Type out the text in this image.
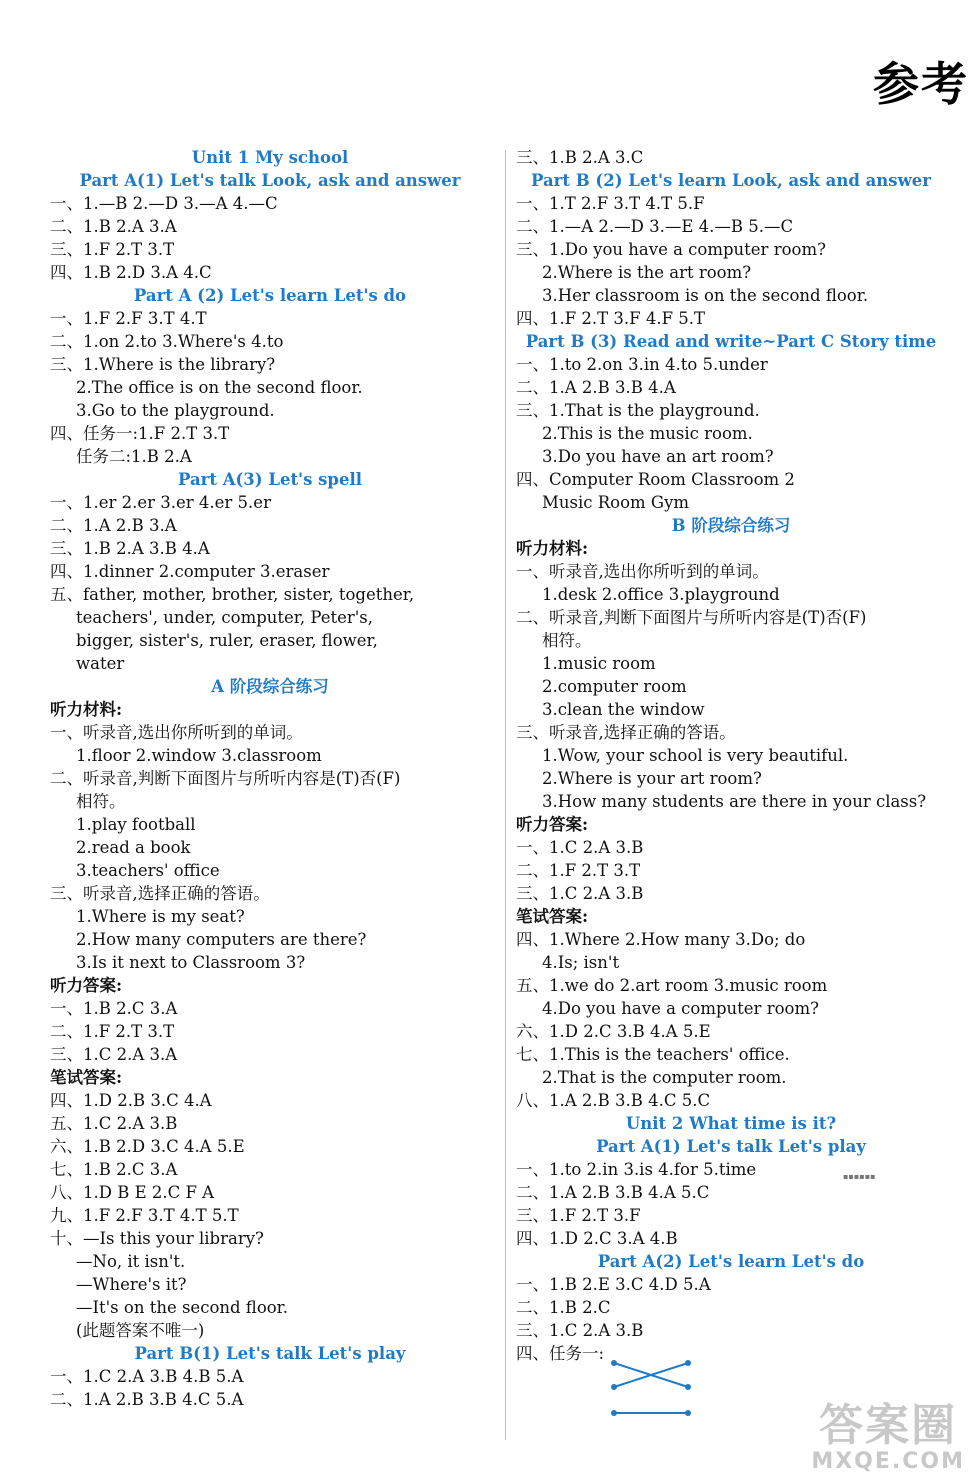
参考
Unit 1 My school
Part A(1) Let's talk Look, ask and answer
一、1.—B 2.—D 3.—A 4.—C
二、1.B 2.A 3.A
三、1.F 2.T 3.T
四、1.B 2.D 3.A 4.C
Part A (2) Let's learn Let's do
一、1.F 2.F 3.T 4.T
二、1.on 2.to 3.Where's 4.to
三、1.Where is the library?
2.The office is on the second floor.
3.Go to the playground.
四、任务一:1.F 2.T 3.T
任务二:1.B 2.A
Part A(3) Let's spell
一、1.er 2.er 3.er 4.er 5.er
二、1.A 2.B 3.A
三、1.B 2.A 3.B 4.A
四、1.dinner 2.computer 3.eraser
五、father, mother, brother, sister, together,
teachers', under, computer, Peter's,
bigger, sister's, ruler, eraser, flower,
water
A 阶段综合练习
听力材料:
一、听录音,选出你所听到的单词。
1.floor 2.window 3.classroom
二、听录音,判断下面图片与所听内容是(T)否(F)
相符。
1.play football
2.read a book
3.teachers' office
三、听录音,选择正确的答语。
1.Where is my seat?
2.How many computers are there?
3.Is it next to Classroom 3?
听力答案:
一、1.B 2.C 3.A
二、1.F 2.T 3.T
三、1.C 2.A 3.A
笔试答案:
四、1.D 2.B 3.C 4.A
五、1.C 2.A 3.B
六、1.B 2.D 3.C 4.A 5.E
七、1.B 2.C 3.A
八、1.D B E 2.C F A
九、1.F 2.F 3.T 4.T 5.T
十、—Is this your library?
—No, it isn't.
—Where's it?
—It's on the second floor.
(此题答案不唯一)
Part B(1) Let's talk Let's play
一、1.C 2.A 3.B 4.B 5.A
二、1.A 2.B 3.B 4.C 5.A
三、1.B 2.A 3.C
Part B (2) Let's learn Look, ask and answer
一、1.T 2.F 3.T 4.T 5.F
二、1.—A 2.—D 3.—E 4.—B 5.—C
三、1.Do you have a computer room?
2.Where is the art room?
3.Her classroom is on the second floor.
四、1.F 2.T 3.F 4.F 5.T
Part B (3) Read and write~Part C Story time
一、1.to 2.on 3.in 4.to 5.under
二、1.A 2.B 3.B 4.A
三、1.That is the playground.
2.This is the music room.
3.Do you have an art room?
四、Computer Room Classroom 2
Music Room Gym
B 阶段综合练习
听力材料:
一、听录音,选出你所听到的单词。
1.desk 2.office 3.playground
二、听录音,判断下面图片与所听内容是(T)否(F)
相符。
1.music room
2.computer room
3.clean the window
三、听录音,选择正确的答语。
1.Wow, your school is very beautiful.
2.Where is your art room?
3.How many students are there in your class?
听力答案:
一、1.C 2.A 3.B
二、1.F 2.T 3.T
三、1.C 2.A 3.B
笔试答案:
四、1.Where 2.How many 3.Do; do
4.Is; isn't
五、1.we do 2.art room 3.music room
4.Do you have a computer room?
六、1.D 2.C 3.B 4.A 5.E
七、1.This is the teachers' office.
2.That is the computer room.
八、1.A 2.B 3.B 4.C 5.C
Unit 2 What time is it?
Part A(1) Let's talk Let's play
一、1.to 2.in 3.is 4.for 5.time
二、1.A 2.B 3.B 4.A 5.C
三、1.F 2.T 3.F
四、1.D 2.C 3.A 4.B
Part A(2) Let's learn Let's do
一、1.B 2.E 3.C 4.D 5.A
二、1.B 2.C
三、1.C 2.A 3.B
四、任务一:
▪▪▪▪▪▪
答案圈
MXQE.COM
